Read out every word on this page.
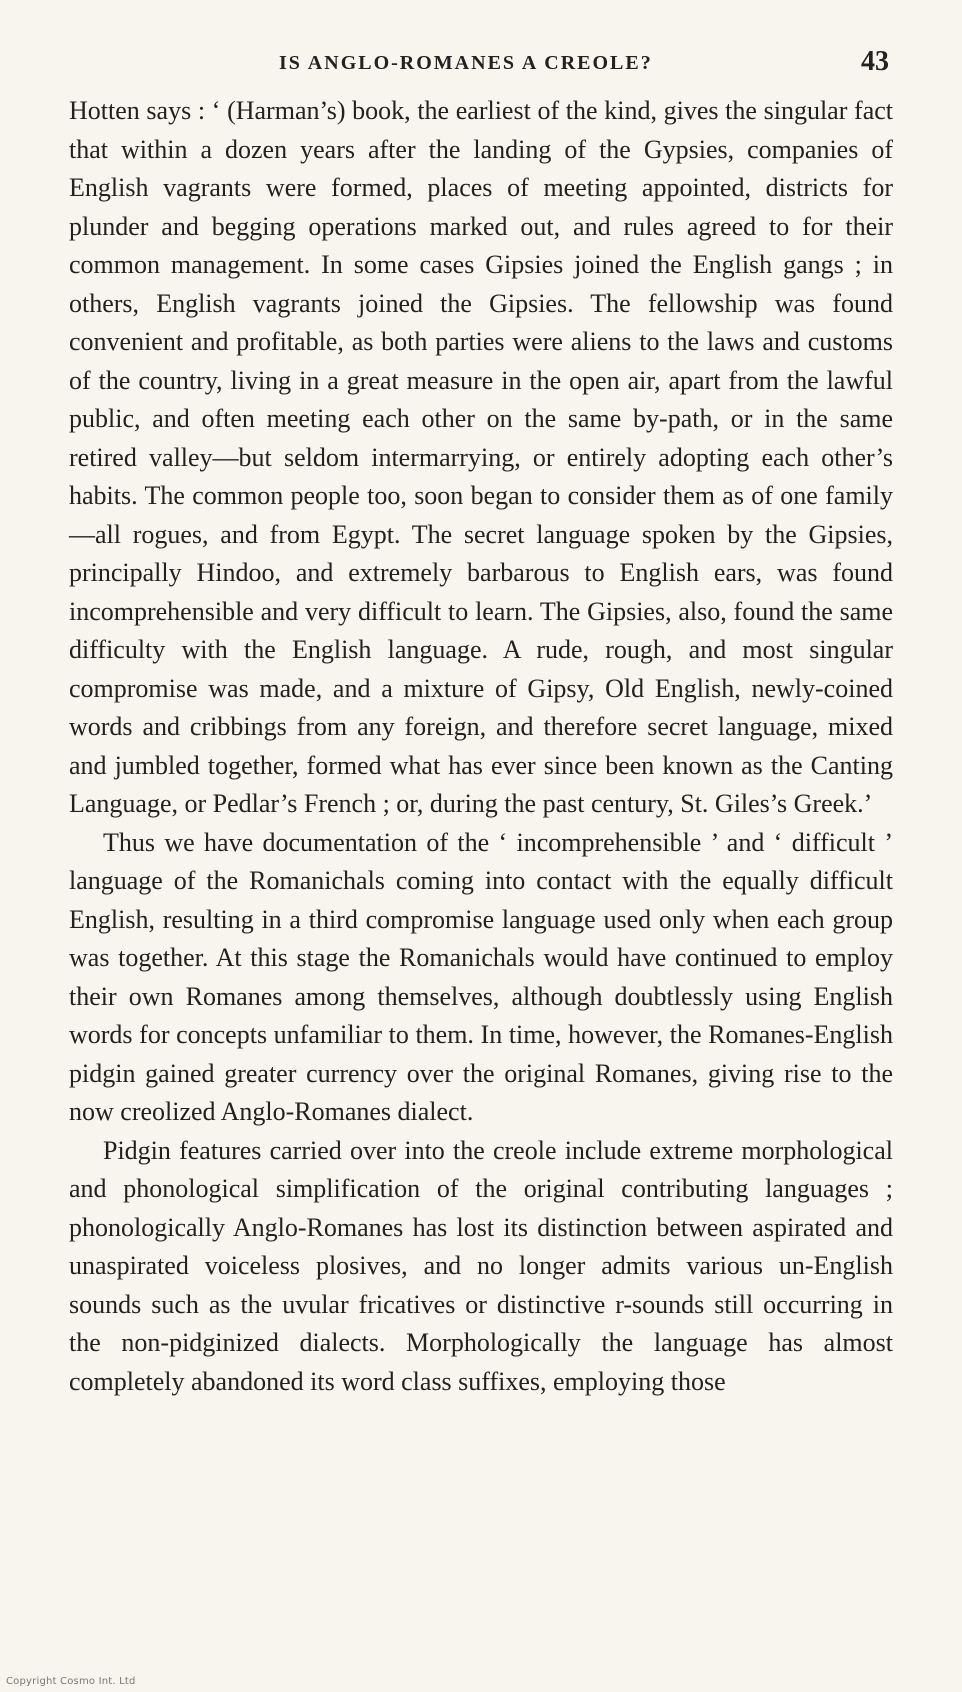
IS ANGLO-ROMANES A CREOLE?	43

Hotten says : ‘ (Harman’s) book, the earliest of the kind, gives the singular fact that within a dozen years after the landing of the Gypsies, companies of English vagrants were formed, places of meeting appointed, districts for plunder and begging operations marked out, and rules agreed to for their common management. In some cases Gipsies joined the English gangs ; in others, English vagrants joined the Gipsies. The fellowship was found convenient and profitable, as both parties were aliens to the laws and customs of the country, living in a great measure in the open air, apart from the lawful public, and often meeting each other on the same by-path, or in the same retired valley—but seldom intermarrying, or entirely adopting each other’s habits. The common people too, soon began to consider them as of one family —all rogues, and from Egypt. The secret language spoken by the Gipsies, principally Hindoo, and extremely barbarous to English ears, was found incomprehensible and very difficult to learn. The Gipsies, also, found the same difficulty with the English language. A rude, rough, and most singular compromise was made, and a mixture of Gipsy, Old English, newly-coined words and cribbings from any foreign, and therefore secret language, mixed and jumbled together, formed what has ever since been known as the Canting Language, or Pedlar’s French ; or, during the past century, St. Giles’s Greek.’

Thus we have documentation of the ‘ incomprehensible ’ and ‘ difficult ’ language of the Romanichals coming into contact with the equally difficult English, resulting in a third compromise language used only when each group was together. At this stage the Romanichals would have continued to employ their own Romanes among themselves, although doubtlessly using English words for concepts unfamiliar to them. In time, however, the Romanes-English pidgin gained greater currency over the original Romanes, giving rise to the now creolized Anglo-Romanes dialect.

Pidgin features carried over into the creole include extreme morphological and phonological simplification of the original contributing languages ; phonologically Anglo-Romanes has lost its distinction between aspirated and unaspirated voiceless plosives, and no longer admits various un-English sounds such as the uvular fricatives or distinctive r-sounds still occurring in the non-pidginized dialects. Morphologically the language has almost completely abandoned its word class suffixes, employing those

Copyright Cosmo Int. Ltd
